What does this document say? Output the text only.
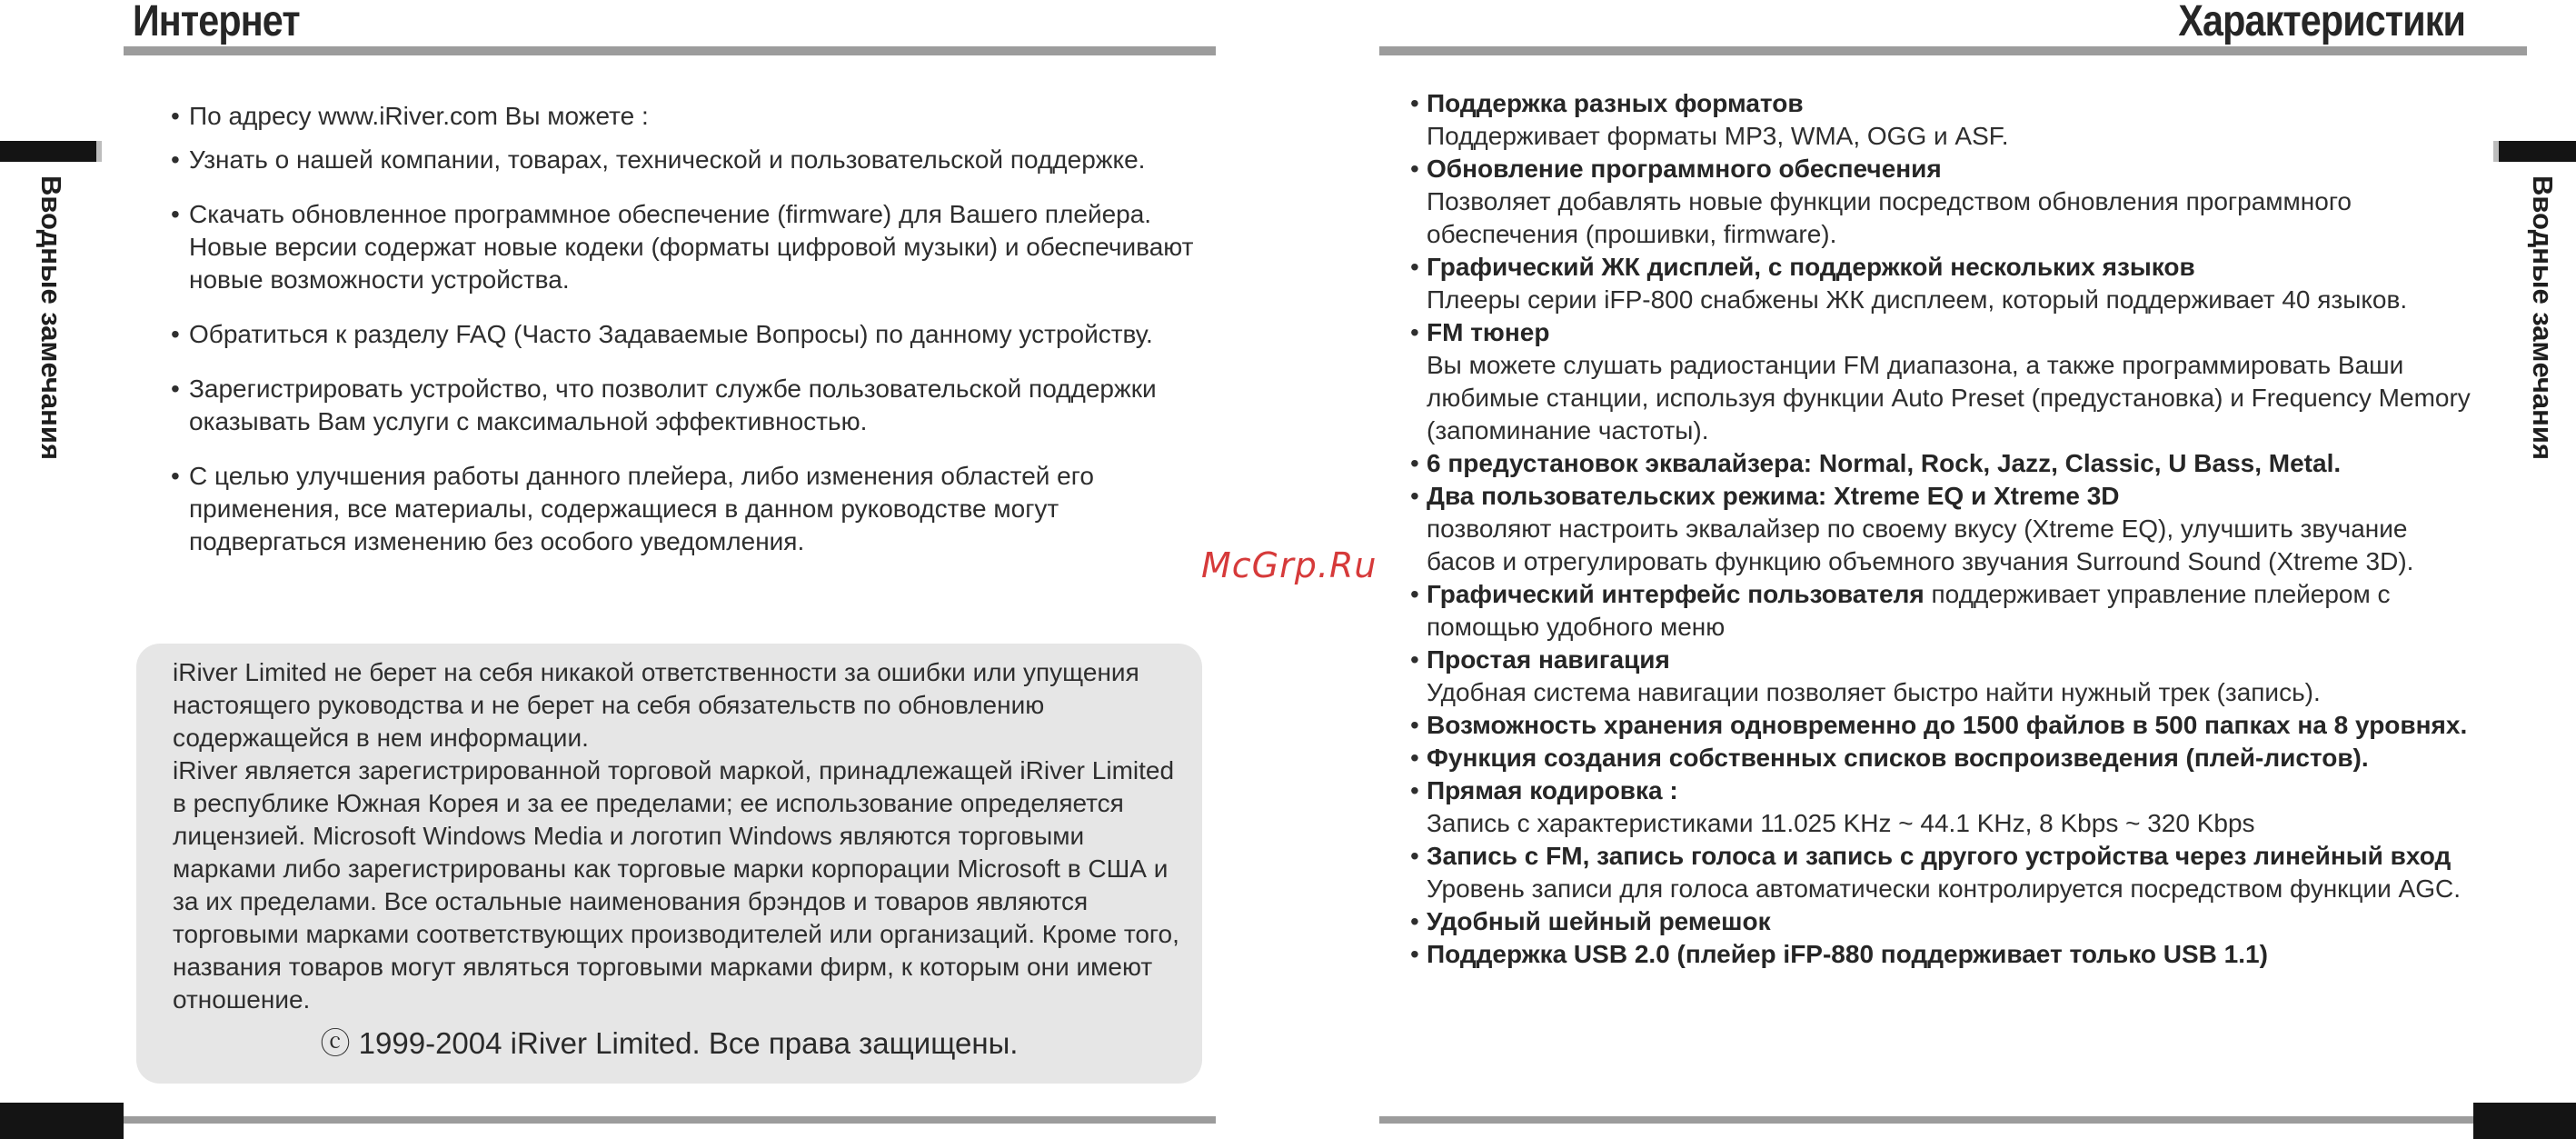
Интернет
Вводные замечания
• По адресу www.iRiver.com Вы можете :
• Узнать о нашей компании, товарах, технической и пользовательской поддержке.
• Скачать обновленное программное обеспечение (firmware) для Вашего плейера. Новые версии содержат новые кодеки (форматы цифровой музыки) и обеспечивают новые возможности устройства.
• Обратиться к разделу FAQ (Часто Задаваемые Вопросы) по данному устройству.
• Зарегистрировать устройство, что позволит службе пользовательской поддержки оказывать Вам услуги с максимальной эффективностью.
• С целью улучшения работы данного плейера, либо изменения областей его применения, все материалы, содержащиеся в данном руководстве могут подвергаться изменению без особого уведомления.

iRiver Limited не берет на себя никакой ответственности за ошибки или упущения настоящего руководства и не берет на себя обязательств по обновлению содержащейся в нем информации.

iRiver является зарегистрированной торговой маркой, принадлежащей iRiver Limited в республике Южная Корея и за ее пределами; ее использование определяется лицензией. Microsoft Windows Media и логотип Windows являются торговыми марками либо зарегистрированы как торговые марки корпорации Microsoft в США и за их пределами. Все остальные наименования брэндов и товаров являются торговыми марками соответствующих производителей или организаций. Кроме того, названия товаров могут являться торговыми марками фирм, к которым они имеют отношение.

ⓒ 1999-2004 iRiver Limited. Все права защищены.
McGrp.Ru
Характеристики
Вводные замечания
• Поддержка разных форматов
Поддерживает форматы MP3, WMA, OGG и ASF.
• Обновление программного обеспечения
Позволяет добавлять новые функции посредством обновления программного обеспечения (прошивки, firmware).
• Графический ЖК дисплей, с поддержкой нескольких языков
Плееры серии iFP-800 снабжены ЖК дисплеем, который поддерживает 40 языков.
• FM тюнер
Вы можете слушать радиостанции FM диапазона, а также программировать Ваши любимые станции, используя функции Auto Preset (предустановка) и Frequency Memory (запоминание частоты).
• 6 предустановок эквалайзера: Normal, Rock, Jazz, Classic, U Bass, Metal.
• Два пользовательских режима: Xtreme EQ и Xtreme 3D
позволяют настроить эквалайзер по своему вкусу (Xtreme EQ), улучшить звучание басов и отрегулировать функцию объемного звучания Surround Sound (Xtreme 3D).
• Графический интерфейс пользователя поддерживает управление плейером с помощью удобного меню
• Простая навигация
Удобная система навигации позволяет быстро найти нужный трек (запись).
• Возможность хранения одновременно до 1500 файлов в 500 папках на 8 уровнях.
• Функция создания собственных списков воспроизведения (плей-листов).
• Прямая кодировка :
Запись с характеристиками 11.025 KHz ~ 44.1 KHz, 8 Kbps ~ 320 Kbps
• Запись с FM, запись голоса и запись с другого устройства через линейный вход
Уровень записи для голоса автоматически контролируется посредством функции AGC.
• Удобный шейный ремешок
• Поддержка USB 2.0 (плейер iFP-880 поддерживает только USB 1.1)
